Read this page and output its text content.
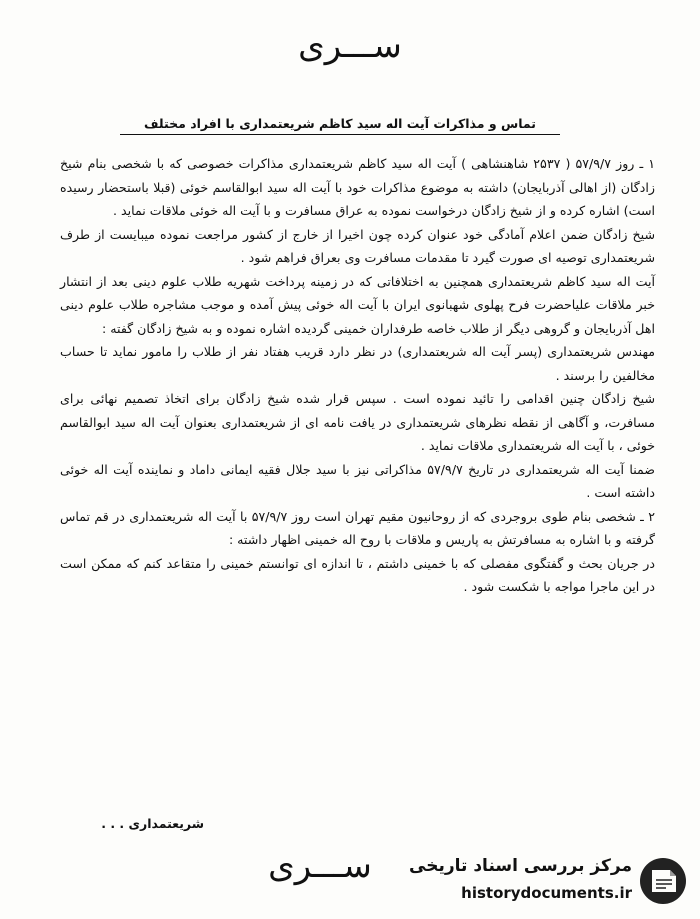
ســـری
تماس و مذاکرات آیت اله سید کاظم شریعتمداری با افراد مختلف

۱ ـ روز ۵۷/۹/۷ ( ۲۵۳۷ شاهنشاهی ) آیت اله سید کاظم شریعتمداری مذاکرات خصوصی که با شخصی بنام شیخ زادگان (از اهالی آذربایجان) داشته به موضوع مذاکرات خود با آیت اله سید ابوالقاسم خوئی (قبلا باستحضار رسیده است) اشاره کرده و از شیخ زادگان درخواست نموده به عراق مسافرت و با آیت اله خوئی ملاقات نماید .

شیخ زادگان ضمن اعلام آمادگی خود عنوان کرده چون اخیرا از خارج از کشور مراجعت نموده میبایست از طرف شریعتمداری توصیه ای صورت گیرد تا مقدمات مسافرت وی بعراق فراهم شود .

آیت اله سید کاظم شریعتمداری همچنین به اختلافاتی که در زمینه پرداخت شهریه طلاب علوم دینی بعد از انتشار خبر ملاقات علیاحضرت فرح پهلوی شهبانوی ایران با آیت اله خوئی پیش آمده و موجب مشاجره طلاب علوم دینی اهل آذربایجان و گروهی دیگر از طلاب خاصه طرفداران خمینی گردیده اشاره نموده و به شیخ زادگان گفته :

مهندس شریعتمداری (پسر آیت اله شریعتمداری) در نظر دارد قریب هفتاد نفر از طلاب را مامور نماید تا حساب مخالفین را برسند .

شیخ زادگان چنین اقدامی را تائید نموده است . سپس قرار شده شیخ زادگان برای اتخاذ تصمیم نهائی برای مسافرت، و آگاهی از نقطه نظرهای شریعتمداری در یافت نامه ای از شریعتمداری بعنوان آیت اله سید ابوالقاسم خوئی ، با آیت اله شریعتمداری ملاقات نماید .

ضمنا آیت اله شریعتمداری در تاریخ ۵۷/۹/۷ مذاکراتی نیز با سید جلال فقیه ایمانی داماد و نماینده آیت اله خوئی داشته است .

۲ ـ شخصی بنام طوی بروجردی که از روحانیون مقیم تهران است روز ۵۷/۹/۷ با آیت اله شریعتمداری در قم تماس گرفته و با اشاره به مسافرتش به پاریس و ملاقات با روح اله خمینی اظهار داشته :

در جریان بحث و گفتگوی مفصلی که با خمینی داشتم ، تا اندازه ای توانستم خمینی را متقاعد کنم که ممکن است در این ماجرا مواجه با شکست شود .

شریعتمداری . . .
ســـری	مرکز بررسی اسناد تاریخی
historydocuments.ir
